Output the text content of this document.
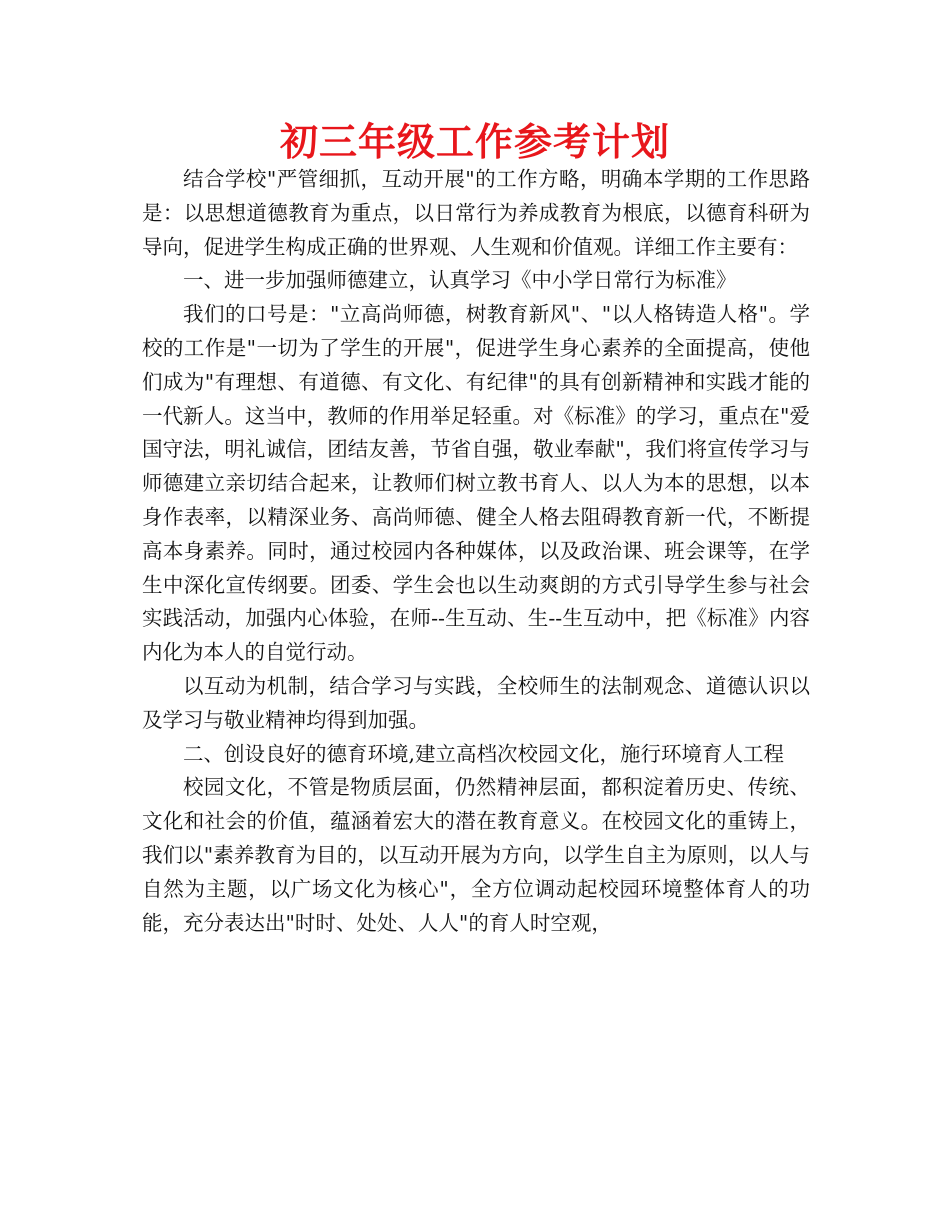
初三年级工作参考计划

结合学校"严管细抓，互动开展"的工作方略，明确本学期的工作思路是：以思想道德教育为重点，以日常行为养成教育为根底，以德育科研为导向，促进学生构成正确的世界观、人生观和价值观。详细工作主要有：

一、进一步加强师德建立，认真学习《中小学日常行为标准》

我们的口号是："立高尚师德，树教育新风"、"以人格铸造人格"。学校的工作是"一切为了学生的开展"，促进学生身心素养的全面提高，使他们成为"有理想、有道德、有文化、有纪律"的具有创新精神和实践才能的一代新人。这当中，教师的作用举足轻重。对《标准》的学习，重点在"爱国守法，明礼诚信，团结友善，节省自强，敬业奉献"，我们将宣传学习与师德建立亲切结合起来，让教师们树立教书育人、以人为本的思想，以本身作表率，以精深业务、高尚师德、健全人格去阻碍教育新一代，不断提高本身素养。同时，通过校园内各种媒体，以及政治课、班会课等，在学生中深化宣传纲要。团委、学生会也以生动爽朗的方式引导学生参与社会实践活动，加强内心体验，在师--生互动、生--生互动中，把《标准》内容内化为本人的自觉行动。

以互动为机制，结合学习与实践，全校师生的法制观念、道德认识以及学习与敬业精神均得到加强。

二、创设良好的德育环境,建立高档次校园文化，施行环境育人工程

校园文化，不管是物质层面，仍然精神层面，都积淀着历史、传统、文化和社会的价值，蕴涵着宏大的潜在教育意义。在校园文化的重铸上，我们以"素养教育为目的，以互动开展为方向，以学生自主为原则，以人与自然为主题，以广场文化为核心"，全方位调动起校园环境整体育人的功能，充分表达出"时时、处处、人人"的育人时空观，
